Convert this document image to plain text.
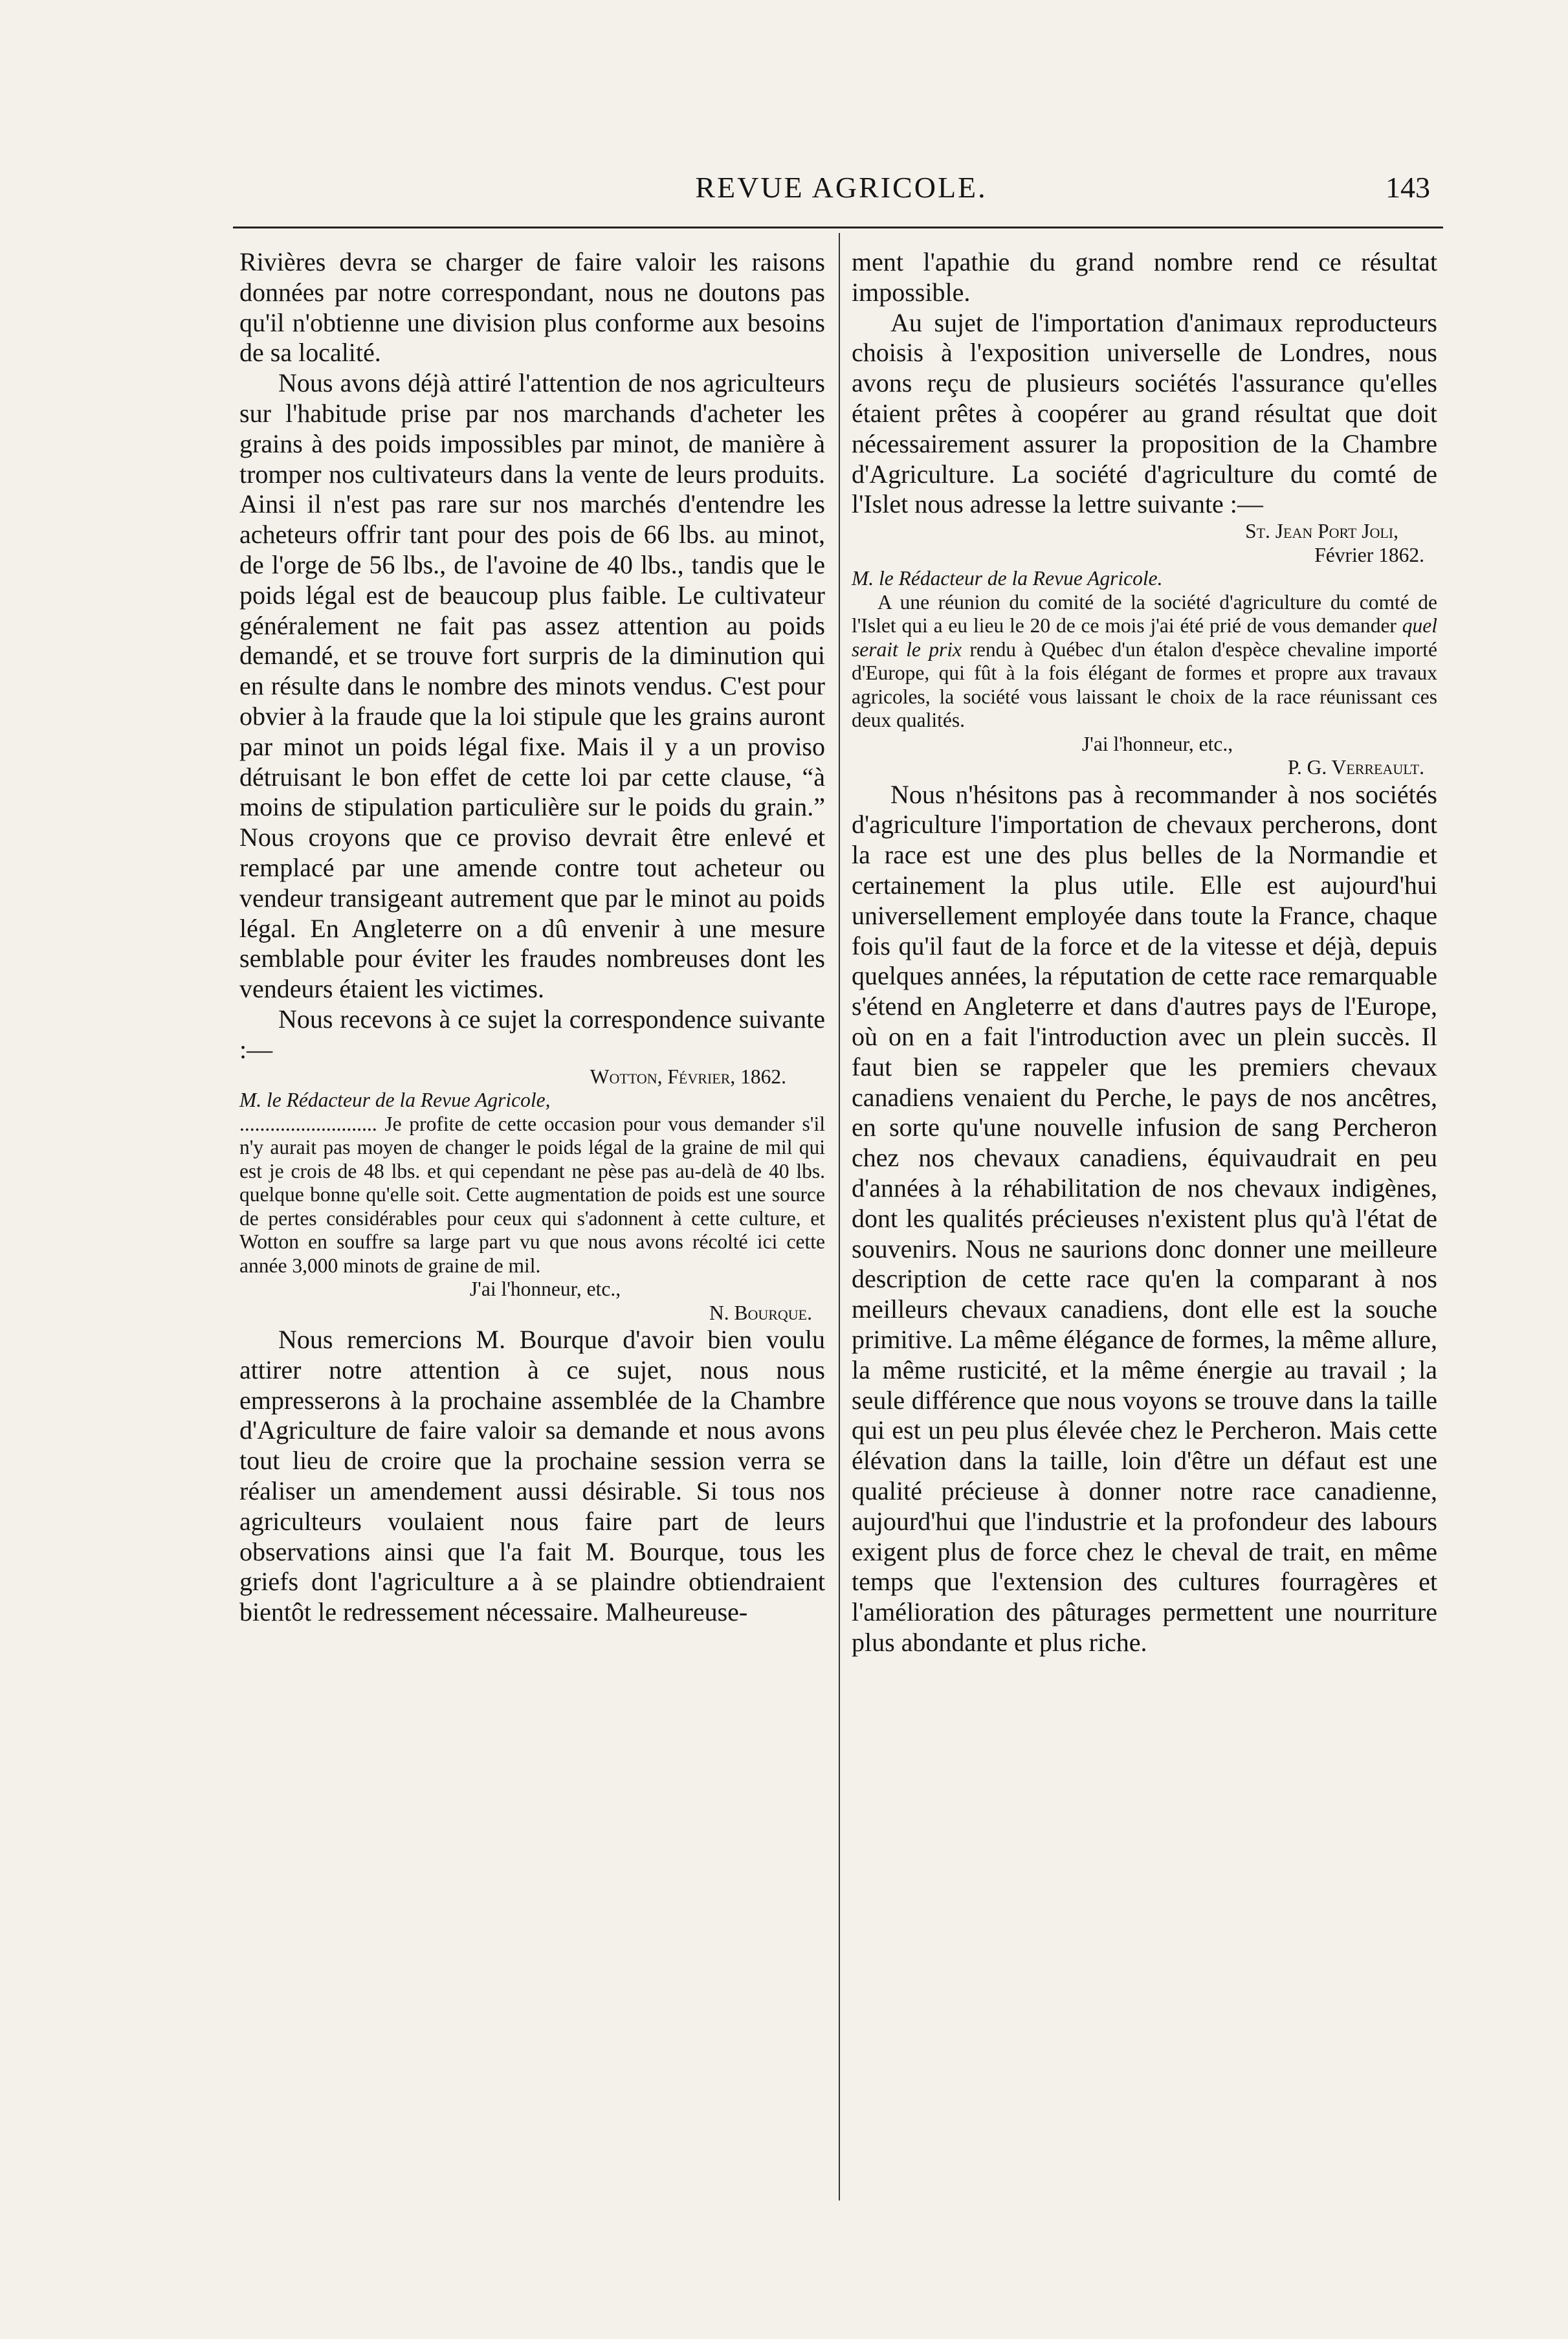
REVUE AGRICOLE.	143

Rivières devra se charger de faire valoir les raisons données par notre correspondant, nous ne doutons pas qu'il n'obtienne une division plus conforme aux besoins de sa localité.

Nous avons déjà attiré l'attention de nos agriculteurs sur l'habitude prise par nos marchands d'acheter les grains à des poids impossibles par minot, de manière à tromper nos cultivateurs dans la vente de leurs produits. Ainsi il n'est pas rare sur nos marchés d'entendre les acheteurs offrir tant pour des pois de 66 lbs. au minot, de l'orge de 56 lbs., de l'avoine de 40 lbs., tandis que le poids légal est de beaucoup plus faible. Le cultivateur généralement ne fait pas assez attention au poids demandé, et se trouve fort surpris de la diminution qui en résulte dans le nombre des minots vendus. C'est pour obvier à la fraude que la loi stipule que les grains auront par minot un poids légal fixe. Mais il y a un proviso détruisant le bon effet de cette loi par cette clause, “à moins de stipulation particulière sur le poids du grain.” Nous croyons que ce proviso devrait être enlevé et remplacé par une amende contre tout acheteur ou vendeur transigeant autrement que par le minot au poids légal. En Angleterre on a dû envenir à une mesure semblable pour éviter les fraudes nombreuses dont les vendeurs étaient les victimes.

Nous recevons à ce sujet la correspondence suivante :—

Wotton, Février, 1862.

M. le Rédacteur de la Revue Agricole,

........................... Je profite de cette occasion pour vous demander s'il n'y aurait pas moyen de changer le poids légal de la graine de mil qui est je crois de 48 lbs. et qui cependant ne pèse pas au-delà de 40 lbs. quelque bonne qu'elle soit. Cette augmentation de poids est une source de pertes considérables pour ceux qui s'adonnent à cette culture, et Wotton en souffre sa large part vu que nous avons récolté ici cette année 3,000 minots de graine de mil.

J'ai l'honneur, etc.,

N. Bourque.

Nous remercions M. Bourque d'avoir bien voulu attirer notre attention à ce sujet, nous nous empresserons à la prochaine assemblée de la Chambre d'Agriculture de faire valoir sa demande et nous avons tout lieu de croire que la prochaine session verra se réaliser un amendement aussi désirable. Si tous nos agriculteurs voulaient nous faire part de leurs observations ainsi que l'a fait M. Bourque, tous les griefs dont l'agriculture a à se plaindre obtiendraient bientôt le redressement nécessaire. Malheureuse-

ment l'apathie du grand nombre rend ce résultat impossible.

Au sujet de l'importation d'animaux reproducteurs choisis à l'exposition universelle de Londres, nous avons reçu de plusieurs sociétés l'assurance qu'elles étaient prêtes à coopérer au grand résultat que doit nécessairement assurer la proposition de la Chambre d'Agriculture. La société d'agriculture du comté de l'Islet nous adresse la lettre suivante :—

St. Jean Port Joli,

Février 1862.

M. le Rédacteur de la Revue Agricole.

A une réunion du comité de la société d'agriculture du comté de l'Islet qui a eu lieu le 20 de ce mois j'ai été prié de vous demander quel serait le prix rendu à Québec d'un étalon d'espèce chevaline importé d'Europe, qui fût à la fois élégant de formes et propre aux travaux agricoles, la société vous laissant le choix de la race réunissant ces deux qualités.

J'ai l'honneur, etc.,

P. G. Verreault.

Nous n'hésitons pas à recommander à nos sociétés d'agriculture l'importation de chevaux percherons, dont la race est une des plus belles de la Normandie et certainement la plus utile. Elle est aujourd'hui universellement employée dans toute la France, chaque fois qu'il faut de la force et de la vitesse et déjà, depuis quelques années, la réputation de cette race remarquable s'étend en Angleterre et dans d'autres pays de l'Europe, où on en a fait l'introduction avec un plein succès. Il faut bien se rappeler que les premiers chevaux canadiens venaient du Perche, le pays de nos ancêtres, en sorte qu'une nouvelle infusion de sang Percheron chez nos chevaux canadiens, équivaudrait en peu d'années à la réhabilitation de nos chevaux indigènes, dont les qualités précieuses n'existent plus qu'à l'état de souvenirs. Nous ne saurions donc donner une meilleure description de cette race qu'en la comparant à nos meilleurs chevaux canadiens, dont elle est la souche primitive. La même élégance de formes, la même allure, la même rusticité, et la même énergie au travail ; la seule différence que nous voyons se trouve dans la taille qui est un peu plus élevée chez le Percheron. Mais cette élévation dans la taille, loin d'être un défaut est une qualité précieuse à donner notre race canadienne, aujourd'hui que l'industrie et la profondeur des labours exigent plus de force chez le cheval de trait, en même temps que l'extension des cultures fourragères et l'amélioration des pâturages permettent une nourriture plus abondante et plus riche.
